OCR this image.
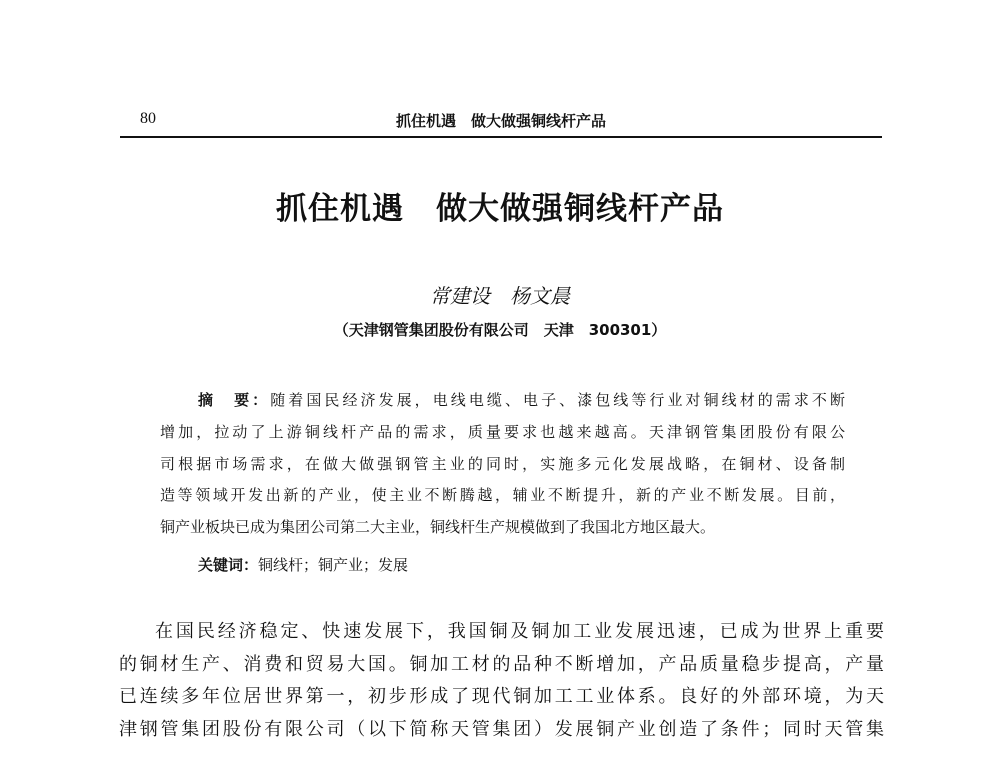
80	抓住机遇　做大做强铜线杆产品
抓住机遇　做大做强铜线杆产品
常建设　杨文晨
（天津钢管集团股份有限公司　天津　300301）
摘　要：随着国民经济发展，电线电缆、电子、漆包线等行业对铜线材的需求不断
增加，拉动了上游铜线杆产品的需求，质量要求也越来越高。天津钢管集团股份有限公
司根据市场需求，在做大做强钢管主业的同时，实施多元化发展战略，在铜材、设备制
造等领域开发出新的产业，使主业不断腾越，辅业不断提升，新的产业不断发展。目前，
铜产业板块已成为集团公司第二大主业，铜线杆生产规模做到了我国北方地区最大。
关键词：铜线杆；铜产业；发展
在国民经济稳定、快速发展下，我国铜及铜加工业发展迅速，已成为世界上重要
的铜材生产、消费和贸易大国。铜加工材的品种不断增加，产品质量稳步提高，产量
已连续多年位居世界第一，初步形成了现代铜加工工业体系。良好的外部环境，为天
津钢管集团股份有限公司（以下简称天管集团）发展铜产业创造了条件；同时天管集
